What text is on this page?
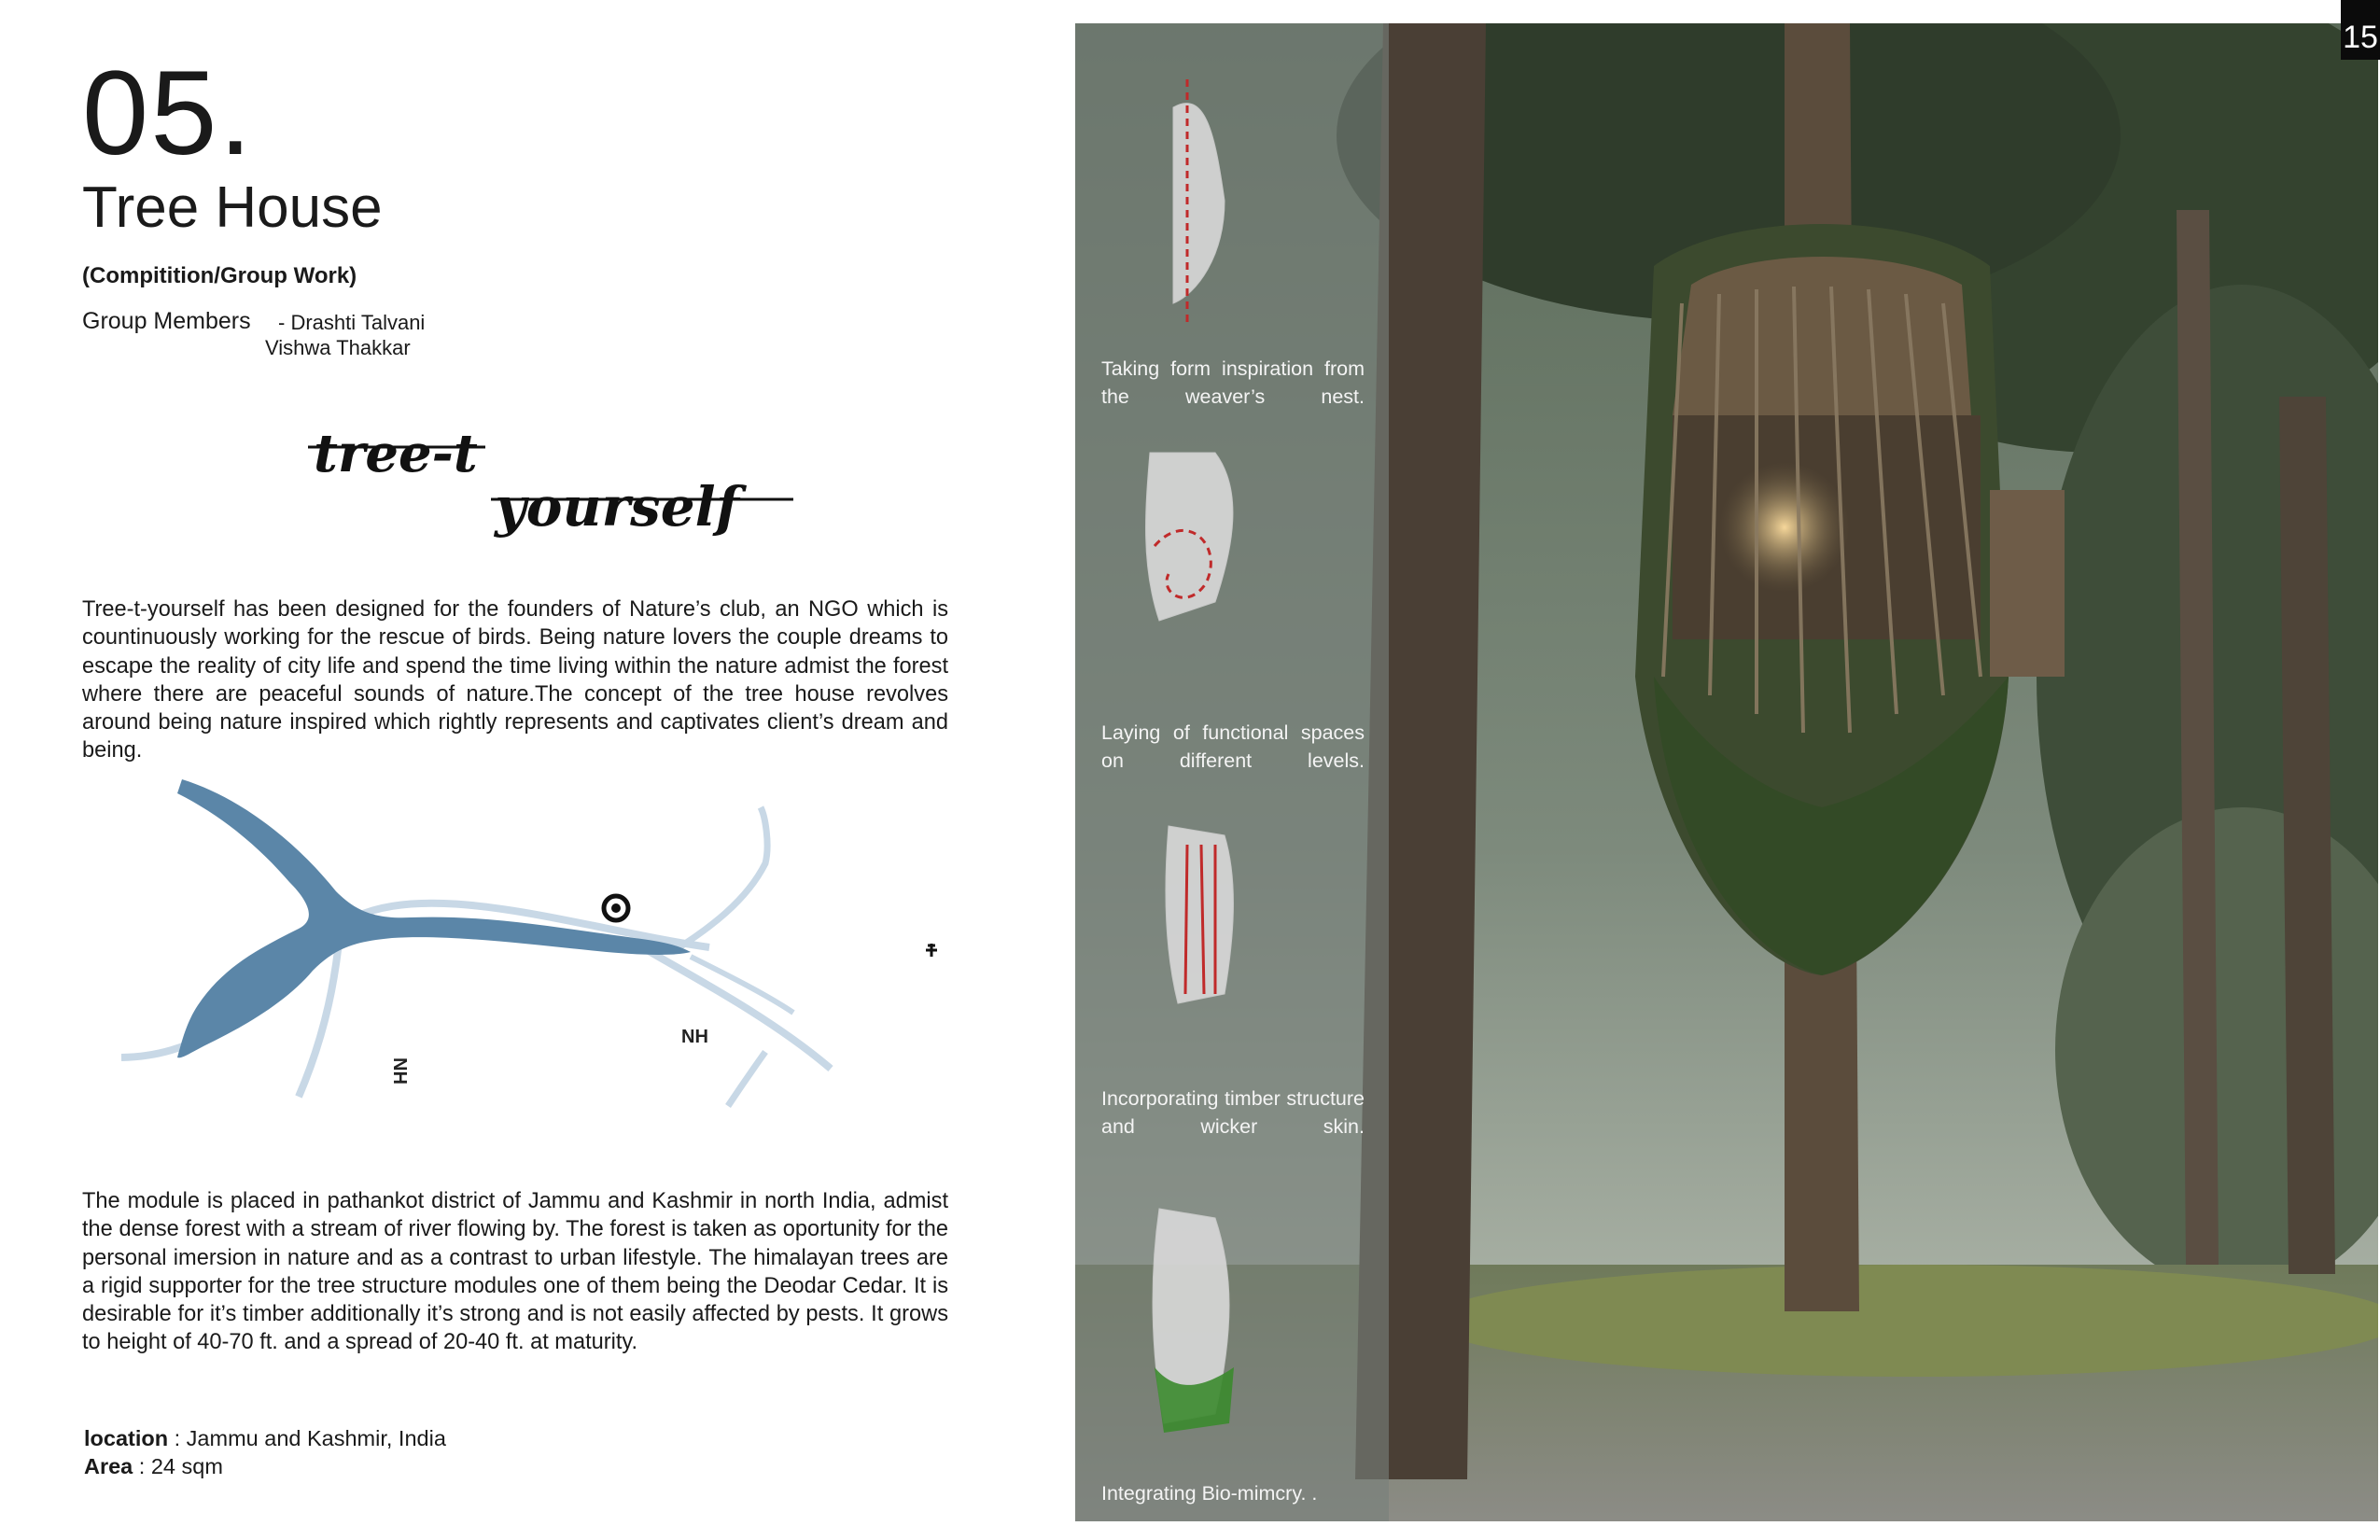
05.
Tree House
(Compitition/Group Work)
Group Members - Drashti Talvani
Vishwa Thakkar
tree-t
yourself
Tree-t-yourself has been designed for the founders of Nature’s club, an NGO which is countinuously working for the rescue of birds. Being nature lovers the couple dreams to escape the reality of city life and spend the time living within the nature admist the forest where there are peaceful sounds of nature.The concept of the tree house revolves around being nature inspired which rightly represents and captivates client’s dream and being.
NH
NH
The module is placed in pathankot district of Jammu and Kashmir in north India, admist the dense forest with a stream of river flowing by. The forest is taken as oportunity for the personal imersion in nature and as a contrast to urban lifestyle. The himalayan trees are a rigid supporter for the tree structure modules one of them being the Deodar Cedar. It is desirable for it’s timber additionally it’s strong and is not easily affected by pests. It grows to height of 40-70 ft. and a spread of 20-40 ft. at maturity.
location : Jammu and Kashmir, India
Area : 24 sqm
15
Taking form inspiration from the weaver’s nest.
Laying of functional spaces on different levels.
Incorporating timber structure and wicker skin.
Integrating Bio-mimcry. .
